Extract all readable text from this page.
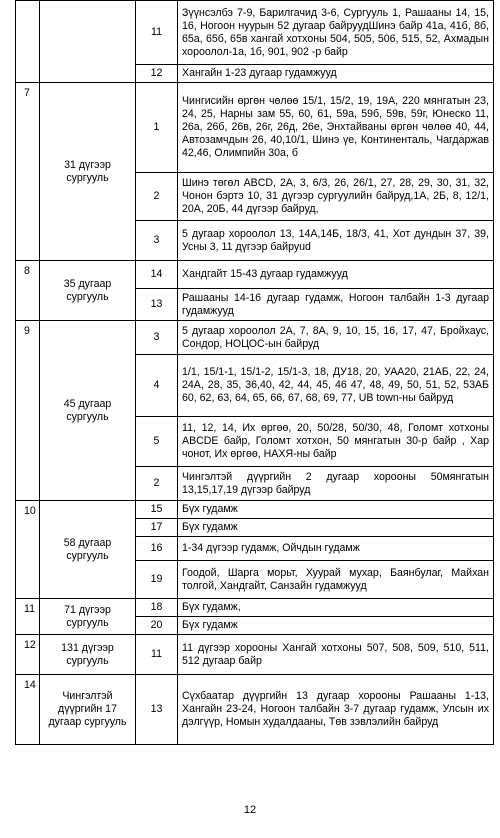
		11	Зүүнсэлбэ 7-9, Барилгачид 3-6, Сургууль 1, Рашааны 14, 15, 16, Ногоон нуурын 52 дугаар байруудШинэ байр 41а, 41б, 8б, 65а, 65б, 65в хангай хотхоны 504, 505, 506, 515, 52, Ахмадын хороолол-1а, 1б, 901, 902 -р байр
		12	Хангайн 1-23 дугаар гудамжууд
7	31 дүгээр сургууль	1	Чингисийн өргөн чөлөө 15/1, 15/2, 19, 19А, 220 мянгатын 23, 24, 25, Нарны зам 55, 60, 61, 59а, 59б, 59в, 59г, Юнеско 11, 26а, 26б, 26в, 26г, 26д, 26е, Энхтайваны өргөн чөлөө 40, 44, Автозамчдын 26, 40,10/1, Шинэ үе, Континенталь, Чагдаржав 42,46, Олимпийн 30а, б
		2	Шинэ төгөл ABCD, 2А, 3, 6/3, 26, 26/1, 27, 28, 29, 30, 31, 32, Чонон бэртэ 10, 31 дүгээр сургуулийн байруд,1А, 2Б, 8, 12/1, 20А, 20Б, 44 дүгээр байруд,
		3	5 дугаар хороолол 13, 14А,14Б, 18/3, 41, Хот дундын 37, 39, Усны 3, 11 дүгээр байруud
8	35 дугаар сургууль	14	Хандгайт 15-43 дугаар гудамжууд
		13	Рашааны 14-16 дугаар гудамж, Ногоон талбайн 1-3 дугаар гудамжууд
9	45 дугаар сургууль	3	5 дугаар хороолол 2А, 7, 8А, 9, 10, 15, 16, 17, 47, Бройхаус, Сондор, НОЦОС-ын байруд
		4	1/1, 15/1-1, 15/1-2, 15/1-3, 18, ДУ18, 20, УАА20, 21АБ, 22, 24, 24А, 28, 35, 36,40, 42, 44, 45, 46 47, 48, 49, 50, 51, 52, 53АБ 60, 62, 63, 64, 65, 66, 67, 68, 69, 77, UB town-ны байруд
		5	11, 12, 14, Их өргөө, 20, 50/28, 50/30, 48, Голомт хотхоны ABCDE байр, Голомт хотхон, 50 мянгатын 30-р байр , Хар чонот, Их өргөө, НАХЯ-ны байр
		2	Чингэлтэй дүүргийн 2 дугаар хорооны 50мянгатын 13,15,17,19 дүгээр байруд
10	58 дугаар сургууль	15	Бүх гудамж
		17	Бүх гудамж
		16	1-34 дүгээр гудамж, Ойчдын гудамж
		19	Гоодой, Шарга морьт, Хуурай мухар, Баянбулаг, Майхан толгой, Хандгайт, Санзайн гудамжууд
11	71 дүгээр сургууль	18	Бүх гудамж,
		20	Бүх гудамж
12	131 дүгээр сургууль	11	11 дүгээр хорооны Хангай хотхоны 507, 508, 509, 510, 511, 512 дугаар байр
14	Чингэлтэй дүүргийн 17 дугаар сургууль	13	Сүхбаатар дүүргийн 13 дугаар хорооны Рашааны 1-13, Хангайн 23-24, Ногоон талбайн 3-7 дугаар гудамж, Улсын их дэлгүүр, Номын худалдааны, Төв зэвлэлийн байруд
12
